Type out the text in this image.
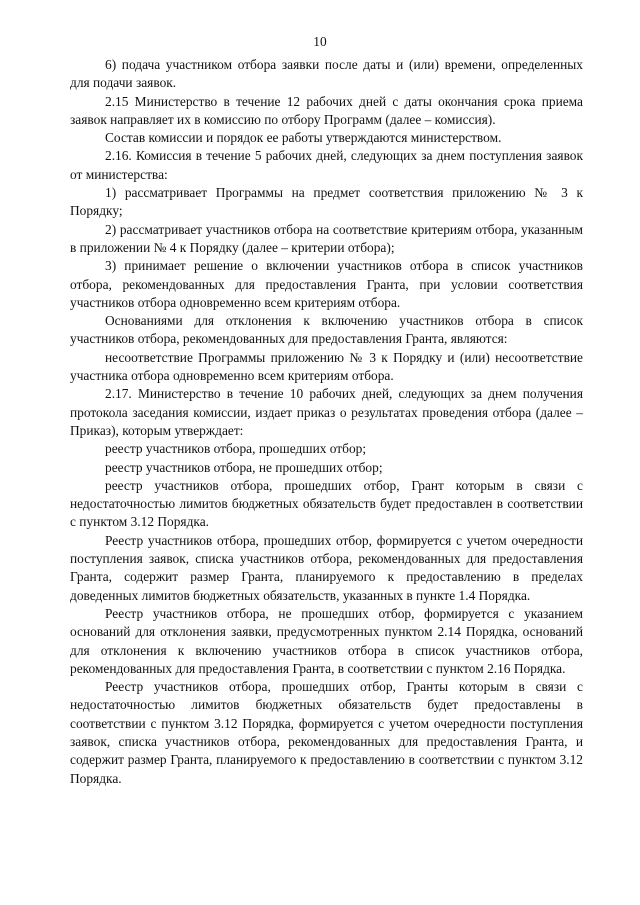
10

6) подача участником отбора заявки после даты и (или) времени, определенных для подачи заявок.

2.15 Министерство в течение 12 рабочих дней с даты окончания срока приема заявок направляет их в комиссию по отбору Программ (далее – комиссия).

Состав комиссии и порядок ее работы утверждаются министерством.

2.16. Комиссия в течение 5 рабочих дней, следующих за днем поступления заявок от министерства:

1) рассматривает Программы на предмет соответствия приложению № 3 к Порядку;

2) рассматривает участников отбора на соответствие критериям отбора, указанным в приложении № 4 к Порядку (далее – критерии отбора);

3) принимает решение о включении участников отбора в список участников отбора, рекомендованных для предоставления Гранта, при условии соответствия участников отбора одновременно всем критериям отбора.

Основаниями для отклонения к включению участников отбора в список участников отбора, рекомендованных для предоставления Гранта, являются:

несоответствие Программы приложению № 3 к Порядку и (или) несоответствие участника отбора одновременно всем критериям отбора.

2.17. Министерство в течение 10 рабочих дней, следующих за днем получения протокола заседания комиссии, издает приказ о результатах проведения отбора (далее – Приказ), которым утверждает:

реестр участников отбора, прошедших отбор;

реестр участников отбора, не прошедших отбор;

реестр участников отбора, прошедших отбор, Грант которым в связи с недостаточностью лимитов бюджетных обязательств будет предоставлен в соответствии с пунктом 3.12 Порядка.

Реестр участников отбора, прошедших отбор, формируется с учетом очередности поступления заявок, списка участников отбора, рекомендованных для предоставления Гранта, содержит размер Гранта, планируемого к предоставлению в пределах доведенных лимитов бюджетных обязательств, указанных в пункте 1.4 Порядка.

Реестр участников отбора, не прошедших отбор, формируется с указанием оснований для отклонения заявки, предусмотренных пунктом 2.14 Порядка, оснований для отклонения к включению участников отбора в список участников отбора, рекомендованных для предоставления Гранта, в соответствии с пунктом 2.16 Порядка.

Реестр участников отбора, прошедших отбор, Гранты которым в связи с недостаточностью лимитов бюджетных обязательств будет предоставлены в соответствии с пунктом 3.12 Порядка, формируется с учетом очередности поступления заявок, списка участников отбора, рекомендованных для предоставления Гранта, и содержит размер Гранта, планируемого к предоставлению в соответствии с пунктом 3.12 Порядка.
